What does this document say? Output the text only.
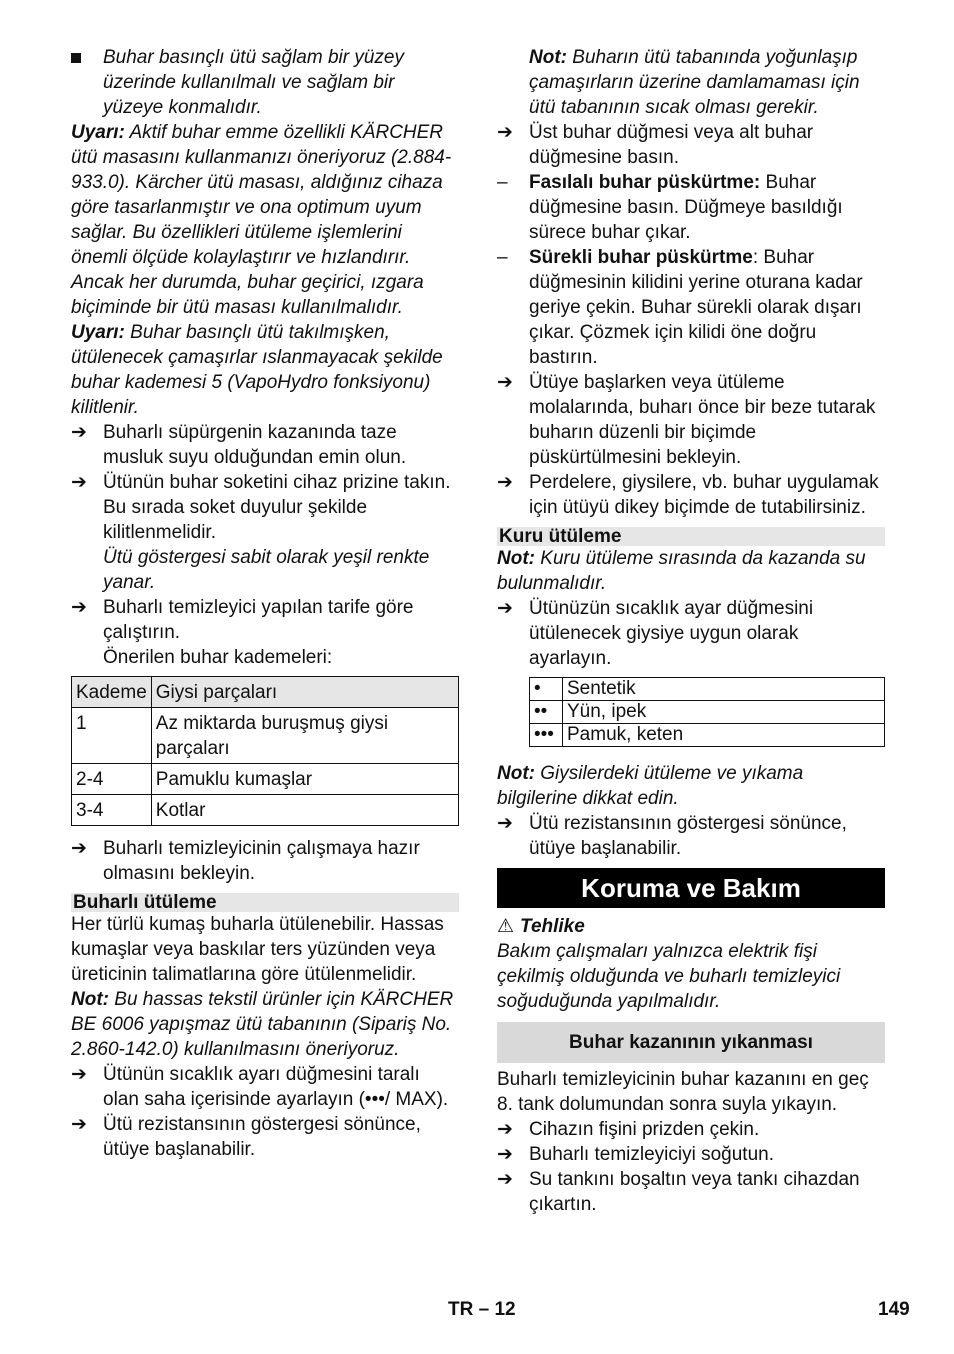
Buhar basınçlı ütü sağlam bir yüzey üzerinde kullanılmalı ve sağlam bir yüzeye konmalıdır.

Uyarı: Aktif buhar emme özellikli KÄRCHER ütü masasını kullanmanızı öneriyoruz (2.884-933.0). Kärcher ütü masası, aldığınız cihaza göre tasarlanmıştır ve ona optimum uyum sağlar. Bu özellikleri ütüleme işlemlerini önemli ölçüde kolaylaştırır ve hızlandırır. Ancak her durumda, buhar geçirici, ızgara biçiminde bir ütü masası kullanılmalıdır.

Uyarı: Buhar basınçlı ütü takılmışken, ütülenecek çamaşırlar ıslanmayacak şekilde buhar kademesi 5 (VapoHydro fonksiyonu) kilitlenir.

➔ Buharlı süpürgenin kazanında taze musluk suyu olduğundan emin olun.
➔ Ütünün buhar soketini cihaz prizine takın. Bu sırada soket duyulur şekilde kilitlenmelidir.

Ütü göstergesi sabit olarak yeşil renkte yanar.

➔ Buharlı temizleyici yapılan tarife göre çalıştırın.

Önerilen buhar kademeleri:

Kademe	Giysi parçaları
1	Az miktarda buruşmuş giysi parçaları
2-4	Pamuklu kumaşlar
3-4	Kotlar
➔ Buharlı temizleyicinin çalışmaya hazır olmasını bekleyin.
Buharlı ütüleme

Her türlü kumaş buharla ütülenebilir. Hassas kumaşlar veya baskılar ters yüzünden veya üreticinin talimatlarına göre ütülenmelidir.

Not: Bu hassas tekstil ürünler için KÄRCHER BE 6006 yapışmaz ütü tabanının (Sipariş No. 2.860-142.0) kullanılmasını öneriyoruz.

➔ Ütünün sıcaklık ayarı düğmesini taralı olan saha içerisinde ayarlayın (•••/ MAX).
➔ Ütü rezistansının göstergesi sönünce, ütüye başlanabilir.

Not: Buharın ütü tabanında yoğunlaşıp çamaşırların üzerine damlamaması için ütü tabanının sıcak olması gerekir.

➔ Üst buhar düğmesi veya alt buhar düğmesine basın.
–	Fasılalı buhar püskürtme: Buhar düğmesine basın. Düğmeye basıldığı sürece buhar çıkar.
–	Sürekli buhar püskürtme: Buhar düğmesinin kilidini yerine oturana kadar geriye çekin. Buhar sürekli olarak dışarı çıkar. Çözmek için kilidi öne doğru bastırın.
➔ Ütüye başlarken veya ütüleme molalarında, buharı önce bir beze tutarak buharın düzenli bir biçimde püskürtülmesini bekleyin.
➔ Perdelere, giysilere, vb. buhar uygulamak için ütüyü dikey biçimde de tutabilirsiniz.
Kuru ütüleme

Not: Kuru ütüleme sırasında da kazanda su bulunmalıdır.

➔ Ütünüzün sıcaklık ayar düğmesini ütülenecek giysiye uygun olarak ayarlayın.
•	Sentetik
••	Yün, ipek
•••	Pamuk, keten

Not: Giysilerdeki ütüleme ve yıkama bilgilerine dikkat edin.

➔ Ütü rezistansının göstergesi sönünce, ütüye başlanabilir.
Koruma ve Bakım

⚠ Tehlike

Bakım çalışmaları yalnızca elektrik fişi çekilmiş olduğunda ve buharlı temizleyici soğuduğunda yapılmalıdır.

Buhar kazanının yıkanması

Buharlı temizleyicinin buhar kazanını en geç 8. tank dolumundan sonra suyla yıkayın.

➔ Cihazın fişini prizden çekin.
➔ Buharlı temizleyiciyi soğutun.
➔ Su tankını boşaltın veya tankı cihazdan çıkartın.
TR – 12	149
